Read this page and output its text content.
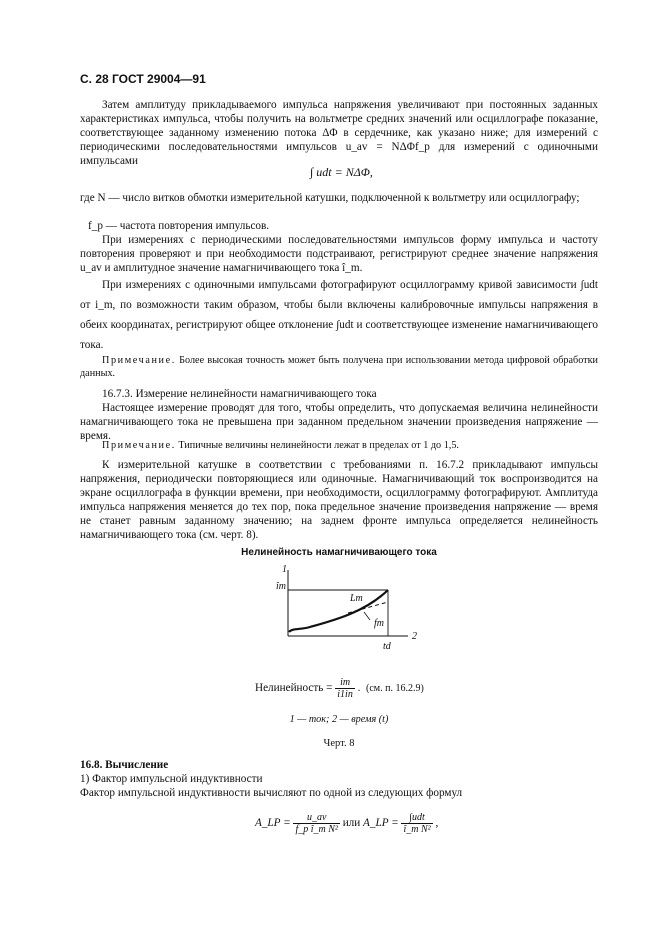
С. 28 ГОСТ 29004—91
Затем амплитуду прикладываемого импульса напряжения увеличивают при постоянных заданных характеристиках импульса, чтобы получить на вольтметре средних значений или осциллографе показание, соответствующее заданному изменению потока ΔΦ в сердечнике, как указано ниже; для измерений с периодическими последовательностями импульсов u_av = NΔΦf_p для измерений с одиночными импульсами
∫ udt = NΔΦ,
где N — число витков обмотки измерительной катушки, подключенной к вольтметру или осциллографу;
f_p — частота повторения импульсов.
При измерениях с периодическими последовательностями импульсов форму импульса и частоту повторения проверяют и при необходимости подстраивают, регистрируют среднее значение напряжения u_av и амплитудное значение намагничивающего тока î_m.
При измерениях с одиночными импульсами фотографируют осциллограмму кривой зависимости ∫udt от i_m, по возможности таким образом, чтобы были включены калибровочные импульсы напряжения в обеих координатах, регистрируют общее отклонение ∫udt и соответствующее изменение намагничивающего тока.
Примечание. Более высокая точность может быть получена при использовании метода цифровой обработки данных.
16.7.3. Измерение нелинейности намагничивающего тока
Настоящее измерение проводят для того, чтобы определить, что допускаемая величина нелинейности намагничивающего тока не превышена при заданном предельном значении произведения напряжение — время.
Примечание. Типичные величины нелинейности лежат в пределах от 1 до 1,5.
К измерительной катушке в соответствии с требованиями п. 16.7.2 прикладывают импульсы напряжения, периодически повторяющиеся или одиночные. Намагничивающий ток воспроизводится на экране осциллографа в функции времени, при необходимости, осциллограмму фотографируют. Амплитуда импульса напряжения меняется до тех пор, пока предельное значение произведения напряжение — время не станет равным заданному значению; на заднем фронте импульса определяется нелинейность намагничивающего тока (см. черт. 8).
Нелинейность намагничивающего тока
1
îm
Lm
fm
2
td
Нелинейность = $\frac{im}{i1in}$ .  (см. п. 16.2.9)
1 — ток; 2 — время (t)
Черт. 8
16.8. Вычисление
1) Фактор импульсной индуктивности
Фактор импульсной индуктивности вычисляют по одной из следующих формул
A_LP = $\frac{u\_av}{\text{f\_p î\_m N²}}$ или A_LP = $\frac{\text{∫udt}}{\text{î\_m N²}}$ ,
